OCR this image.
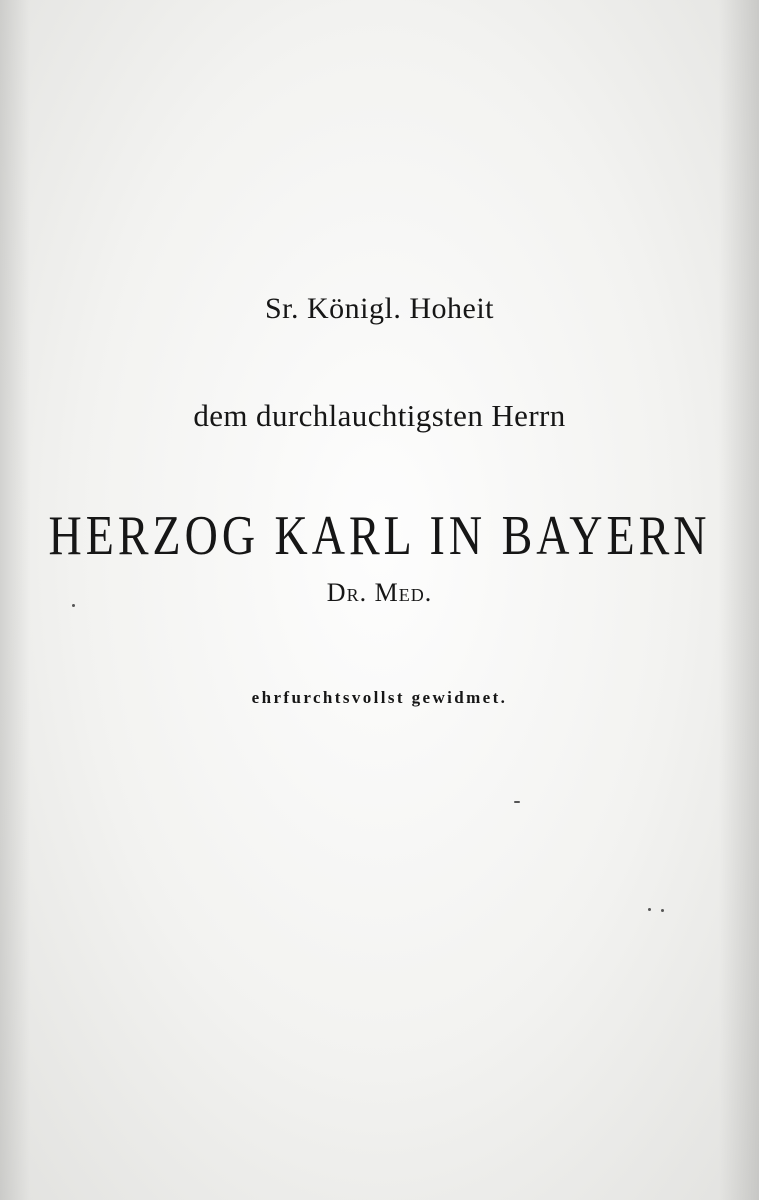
Sr. Königl. Hoheit
dem durchlauchtigsten Herrn
HERZOG KARL IN BAYERN
Dr. Med.
ehrfurchtsvollst gewidmet.
